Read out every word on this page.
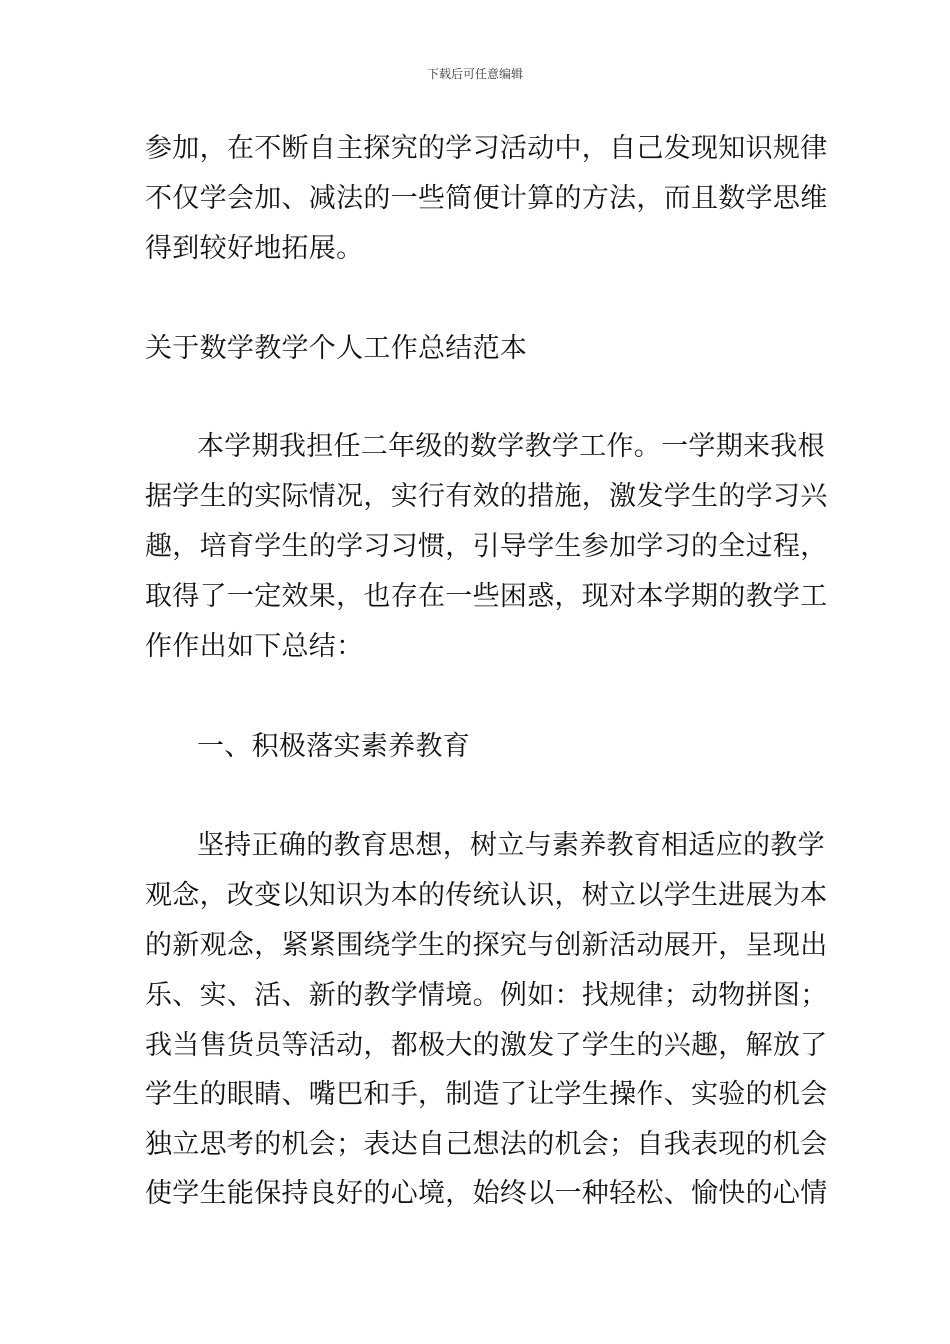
下载后可任意编辑
参加，在不断自主探究的学习活动中，自己发现知识规律
不仅学会加、减法的一些简便计算的方法，而且数学思维
得到较好地拓展。
关于数学教学个人工作总结范本
本学期我担任二年级的数学教学工作。一学期来我根
据学生的实际情况，实行有效的措施，激发学生的学习兴
趣，培育学生的学习习惯，引导学生参加学习的全过程，
取得了一定效果，也存在一些困惑，现对本学期的教学工
作作出如下总结：
一、积极落实素养教育
坚持正确的教育思想，树立与素养教育相适应的教学
观念，改变以知识为本的传统认识，树立以学生进展为本
的新观念，紧紧围绕学生的探究与创新活动展开，呈现出
乐、实、活、新的教学情境。例如：找规律；动物拼图；
我当售货员等活动，都极大的激发了学生的兴趣，解放了
学生的眼睛、嘴巴和手，制造了让学生操作、实验的机会
独立思考的机会；表达自己想法的机会；自我表现的机会
使学生能保持良好的心境，始终以一种轻松、愉快的心情
